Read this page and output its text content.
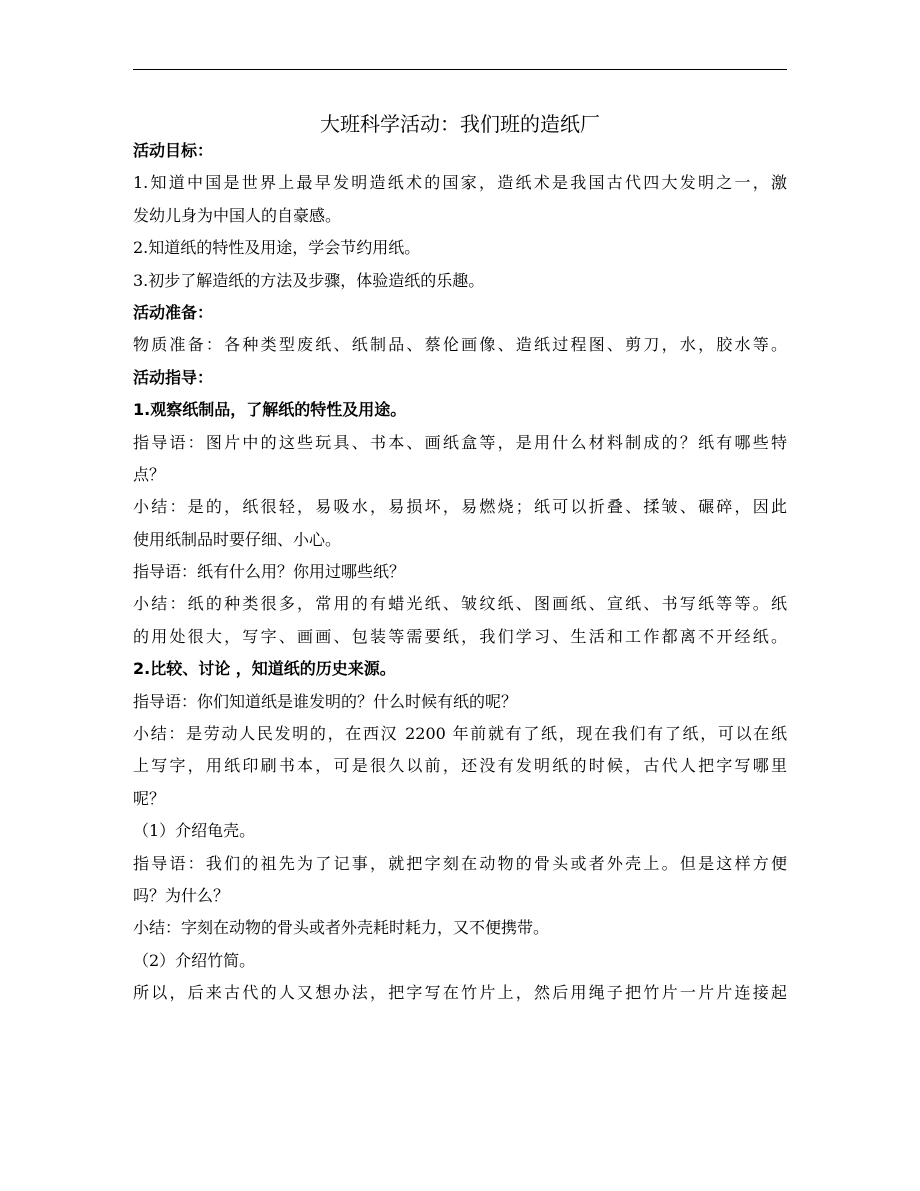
大班科学活动：我们班的造纸厂
活动目标：
1.知道中国是世界上最早发明造纸术的国家，造纸术是我国古代四大发明之一，激
发幼儿身为中国人的自豪感。
2.知道纸的特性及用途，学会节约用纸。
3.初步了解造纸的方法及步骤，体验造纸的乐趣。
活动准备：
物质准备：各种类型废纸、纸制品、蔡伦画像、造纸过程图、剪刀，水，胶水等。
活动指导：
1.观察纸制品，了解纸的特性及用途。
指导语：图片中的这些玩具、书本、画纸盒等，是用什么材料制成的？纸有哪些特
点？
小结：是的，纸很轻，易吸水，易损坏，易燃烧；纸可以折叠、揉皱、碾碎，因此
使用纸制品时要仔细、小心。
指导语：纸有什么用？你用过哪些纸？
小结：纸的种类很多，常用的有蜡光纸、皱纹纸、图画纸、宣纸、书写纸等等。纸
的用处很大，写字、画画、包装等需要纸，我们学习、生活和工作都离不开经纸。
2.比较、讨论 ，知道纸的历史来源。
指导语：你们知道纸是谁发明的？什么时候有纸的呢？
小结：是劳动人民发明的，在西汉 2200 年前就有了纸，现在我们有了纸，可以在纸
上写字，用纸印刷书本，可是很久以前，还没有发明纸的时候，古代人把字写哪里
呢？
（1）介绍龟壳。
指导语：我们的祖先为了记事，就把字刻在动物的骨头或者外壳上。但是这样方便
吗？为什么？
小结：字刻在动物的骨头或者外壳耗时耗力，又不便携带。
（2）介绍竹简。
所以，后来古代的人又想办法，把字写在竹片上，然后用绳子把竹片一片片连接起
